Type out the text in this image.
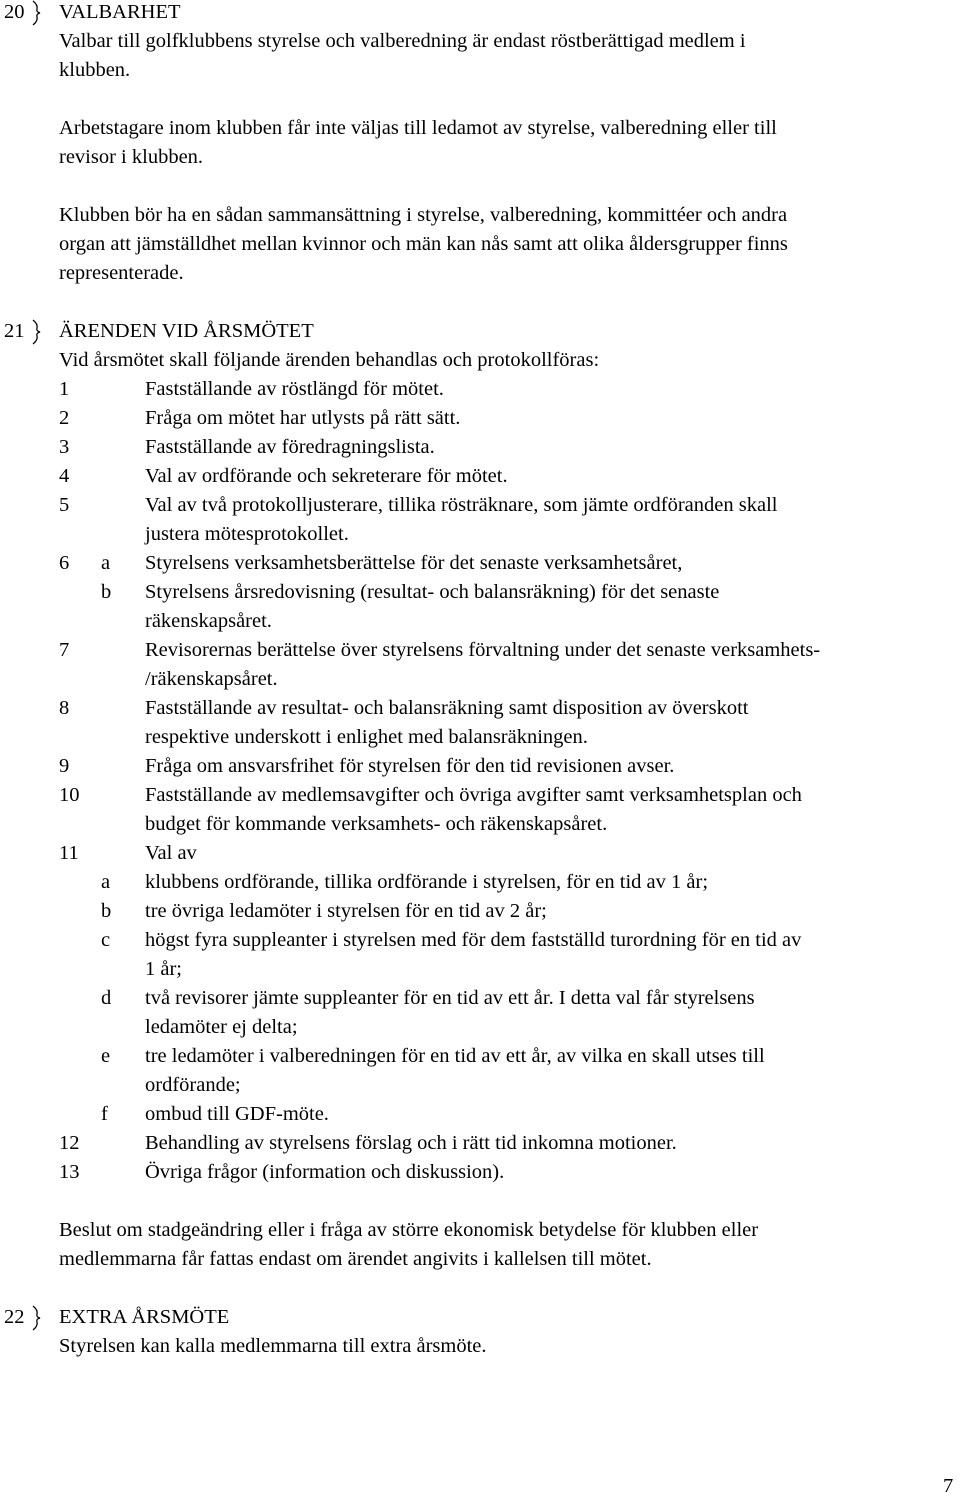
20 VALBARHET
Valbar till golfklubbens styrelse och valberedning är endast röstberättigad medlem i
klubben.
Arbetstagare inom klubben får inte väljas till ledamot av styrelse, valberedning eller till
revisor i klubben.
Klubben bör ha en sådan sammansättning i styrelse, valberedning, kommittéer och andra
organ att jämställdhet mellan kvinnor och män kan nås samt att olika åldersgrupper finns
representerade.
21 ÄRENDEN VID ÅRSMÖTET
Vid årsmötet skall följande ärenden behandlas och protokollföras:
1	Fastställande av röstlängd för mötet.
2	Fråga om mötet har utlysts på rätt sätt.
3	Fastställande av föredragningslista.
4	Val av ordförande och sekreterare för mötet.
5	Val av två protokolljusterare, tillika rösträknare, som jämte ordföranden skall
justera mötesprotokollet.
6 a Styrelsens verksamhetsberättelse för det senaste verksamhetsåret,
b Styrelsens årsredovisning (resultat- och balansräkning) för det senaste
räkenskapsåret.
7	Revisorernas berättelse över styrelsens förvaltning under det senaste verksamhets-
/räkenskapsåret.
8	Fastställande av resultat- och balansräkning samt disposition av överskott
respektive underskott i enlighet med balansräkningen.
9	Fråga om ansvarsfrihet för styrelsen för den tid revisionen avser.
10	Fastställande av medlemsavgifter och övriga avgifter samt verksamhetsplan och
budget för kommande verksamhets- och räkenskapsåret.
11	Val av
a klubbens ordförande, tillika ordförande i styrelsen, för en tid av 1 år;
b tre övriga ledamöter i styrelsen för en tid av 2 år;
c högst fyra suppleanter i styrelsen med för dem fastställd turordning för en tid av
1 år;
d två revisorer jämte suppleanter för en tid av ett år. I detta val får styrelsens
ledamöter ej delta;
e tre ledamöter i valberedningen för en tid av ett år, av vilka en skall utses till
ordförande;
f ombud till GDF-möte.
12	Behandling av styrelsens förslag och i rätt tid inkomna motioner.
13	Övriga frågor (information och diskussion).
Beslut om stadgeändring eller i fråga av större ekonomisk betydelse för klubben eller
medlemmarna får fattas endast om ärendet angivits i kallelsen till mötet.
22 EXTRA ÅRSMÖTE
Styrelsen kan kalla medlemmarna till extra årsmöte.
7
